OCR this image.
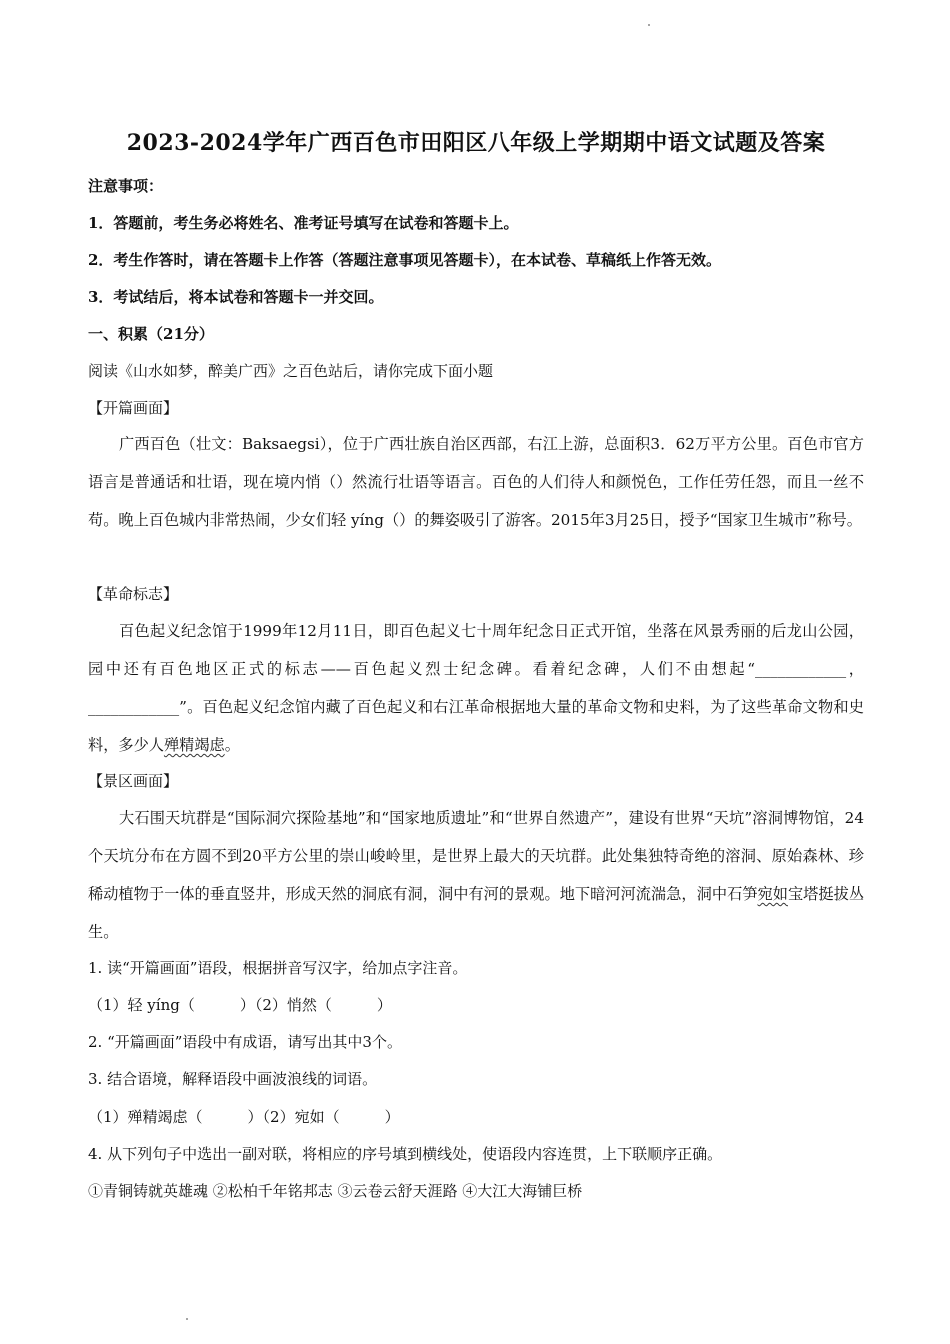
2023-2024学年广西百色市田阳区八年级上学期期中语文试题及答案
注意事项：
1．答题前，考生务必将姓名、准考证号填写在试卷和答题卡上。
2．考生作答时，请在答题卡上作答（答题注意事项见答题卡），在本试卷、草稿纸上作答无效。
3．考试结后，将本试卷和答题卡一并交回。
一、积累（21分）
阅读《山水如梦，醉美广西》之百色站后，请你完成下面小题
【开篇画面】
广西百色（壮文：Baksaegsi），位于广西壮族自治区西部，右江上游，总面积3．62万平方公里。百色市官方语言是普通话和壮语，现在境内悄（）然流行壮语等语言。百色的人们待人和颜悦色，工作任劳任怨，而且一丝不苟。晚上百色城内非常热闹，少女们轻 yíng（）的舞姿吸引了游客。2015年3月25日，授予“国家卫生城市”称号。
【革命标志】
百色起义纪念馆于1999年12月11日，即百色起义七十周年纪念日正式开馆，坐落在风景秀丽的后龙山公园，园中还有百色地区正式的标志——百色起义烈士纪念碑。看着纪念碑，人们不由想起“____________，____________”。百色起义纪念馆内藏了百色起义和右江革命根据地大量的革命文物和史料，为了这些革命文物和史料，多少人殚精竭虑。
【景区画面】
大石围天坑群是“国际洞穴探险基地”和“国家地质遗址”和“世界自然遗产”，建设有世界“天坑”溶洞博物馆，24个天坑分布在方圆不到20平方公里的崇山峻岭里，是世界上最大的天坑群。此处集独特奇绝的溶洞、原始森林、珍稀动植物于一体的垂直竖井，形成天然的洞底有洞，洞中有河的景观。地下暗河河流湍急，洞中石笋宛如宝塔挺拔丛生。
1. 读“开篇画面”语段，根据拼音写汉字，给加点字注音。
（1）轻 yíng（　　　）（2）悄然（　　　）
2. “开篇画面”语段中有成语，请写出其中3个。
3. 结合语境，解释语段中画波浪线的词语。
（1）殚精竭虑（　　　）（2）宛如（　　　）
4. 从下列句子中选出一副对联，将相应的序号填到横线处，使语段内容连贯，上下联顺序正确。
①青铜铸就英雄魂 ②松柏千年铭邦志 ③云卷云舒天涯路 ④大江大海铺巨桥
